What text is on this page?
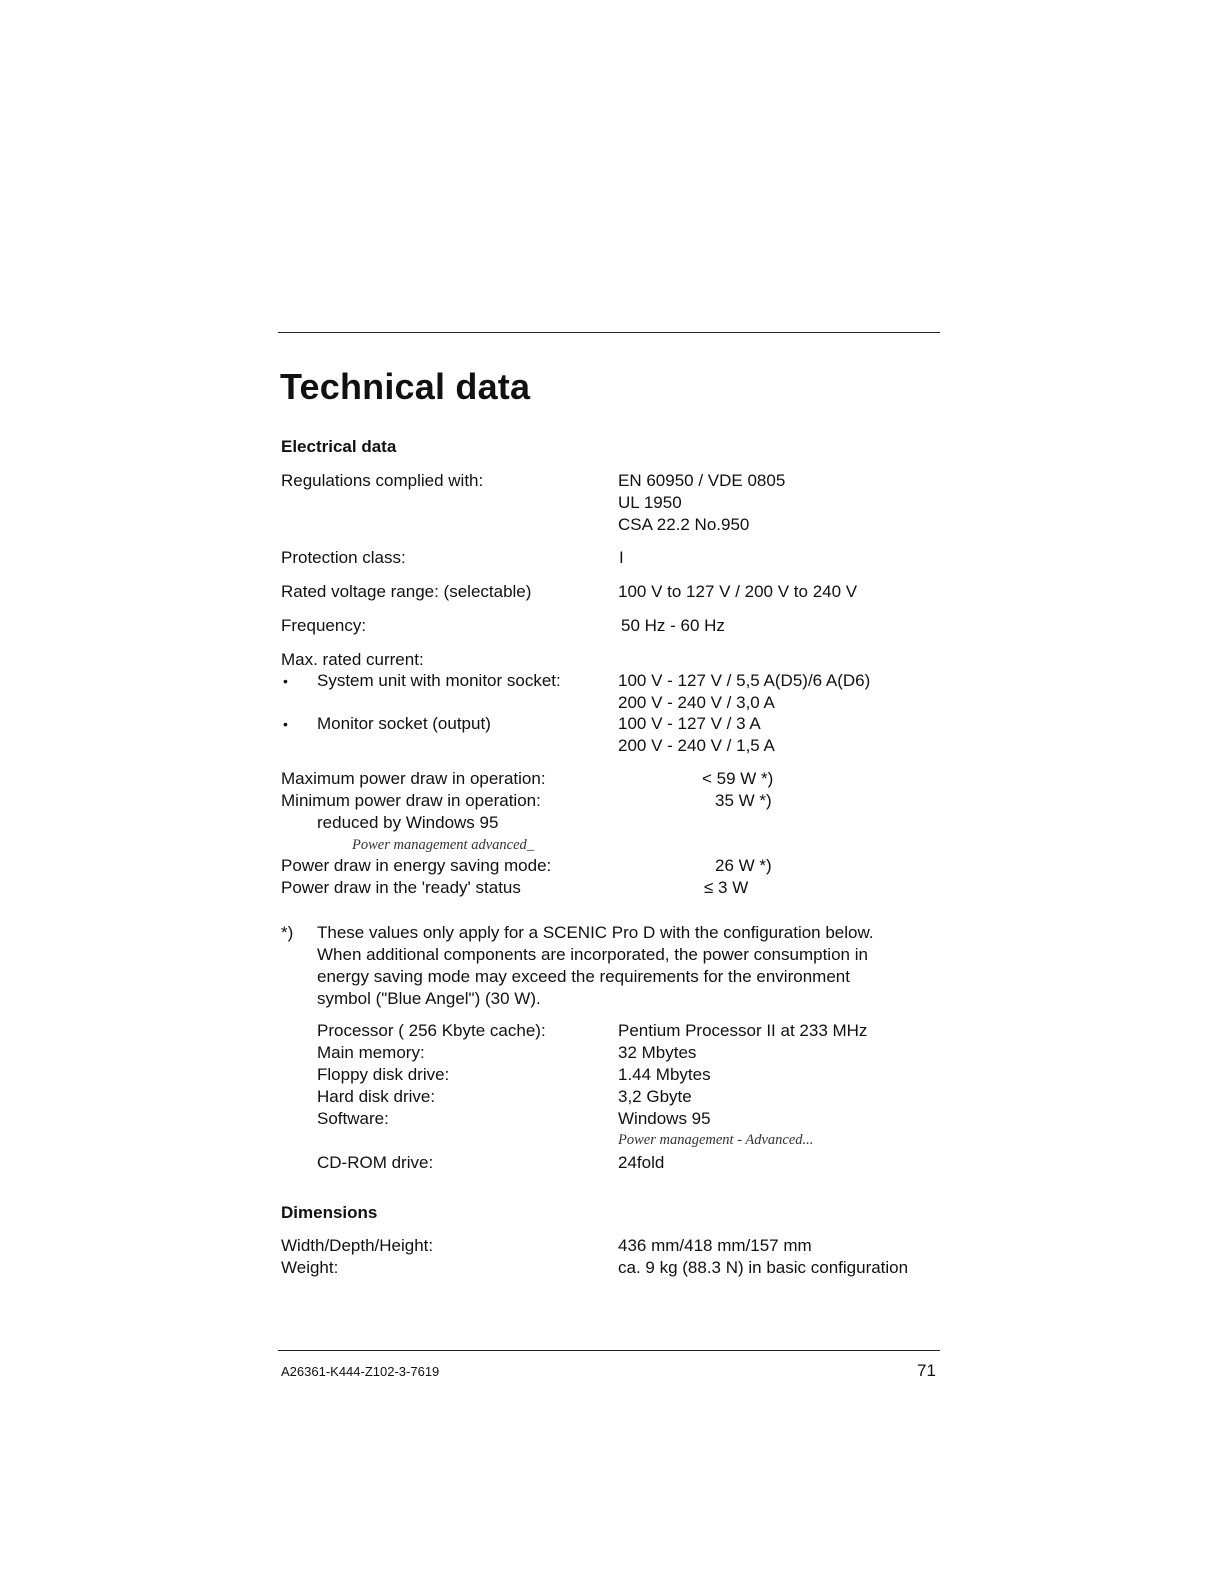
Technical data
Electrical data
Regulations complied with:	EN 60950 / VDE 0805
UL 1950
CSA 22.2 No.950
Protection class:	I
Rated voltage range: (selectable)	100 V to 127 V / 200 V to 240 V
Frequency:	50 Hz - 60 Hz
Max. rated current:
• System unit with monitor socket:	100 V - 127 V / 5,5 A(D5)/6 A(D6)
200 V - 240 V / 3,0 A
• Monitor socket (output)	100 V - 127 V / 3 A
200 V - 240 V / 1,5 A
Maximum power draw in operation:	< 59 W *)
Minimum power draw in operation:	35 W *)
reduced by Windows 95
Power management advanced_
Power draw in energy saving mode:	26 W *)
Power draw in the 'ready' status	≤ 3 W
*) These values only apply for a SCENIC Pro D with the configuration below.
When additional components are incorporated, the power consumption in
energy saving mode may exceed the requirements for the environment
symbol ("Blue Angel") (30 W).
Processor ( 256 Kbyte cache):	Pentium Processor II at 233 MHz
Main memory:	32 Mbytes
Floppy disk drive:	1.44 Mbytes
Hard disk drive:	3,2 Gbyte
Software:	Windows 95
Power management - Advanced...
CD-ROM drive:	24fold
Dimensions
Width/Depth/Height:	436 mm/418 mm/157 mm
Weight:	ca. 9 kg (88.3 N) in basic configuration
A26361-K444-Z102-3-7619	71
